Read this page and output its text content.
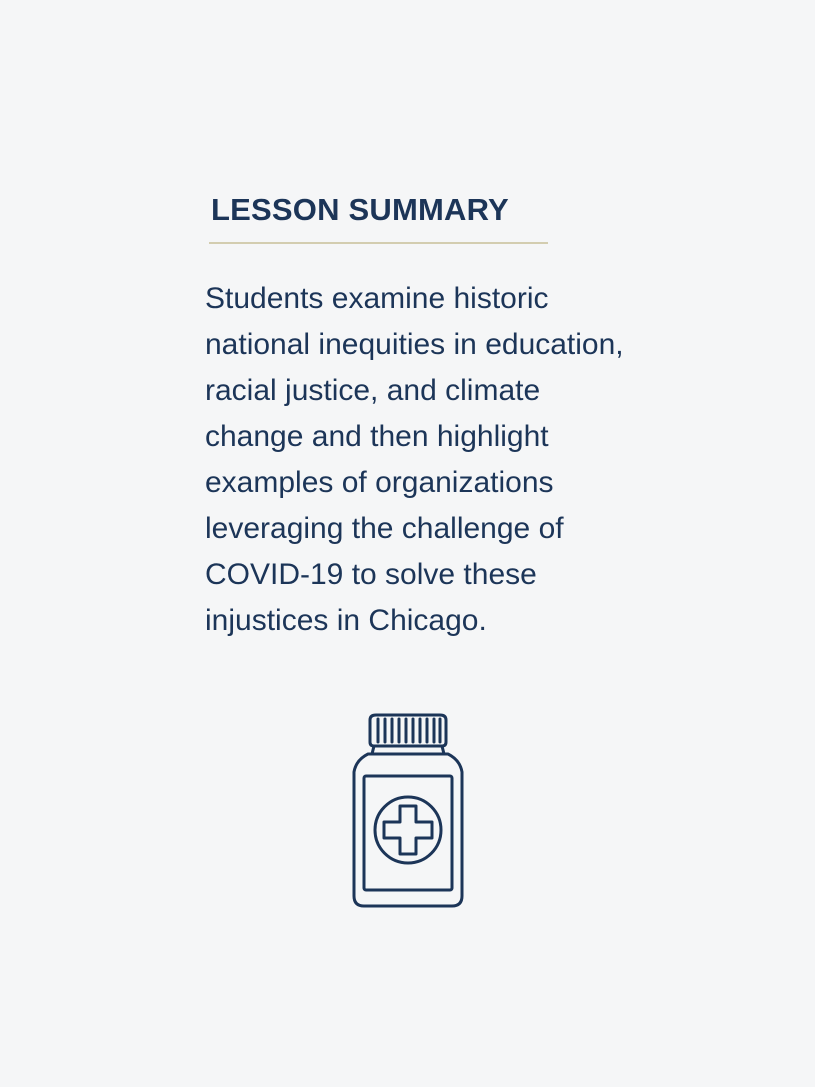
LESSON SUMMARY

Students examine historic national inequities in education, racial justice, and climate change and then highlight examples of organizations leveraging the challenge of COVID-19 to solve these injustices in Chicago.
